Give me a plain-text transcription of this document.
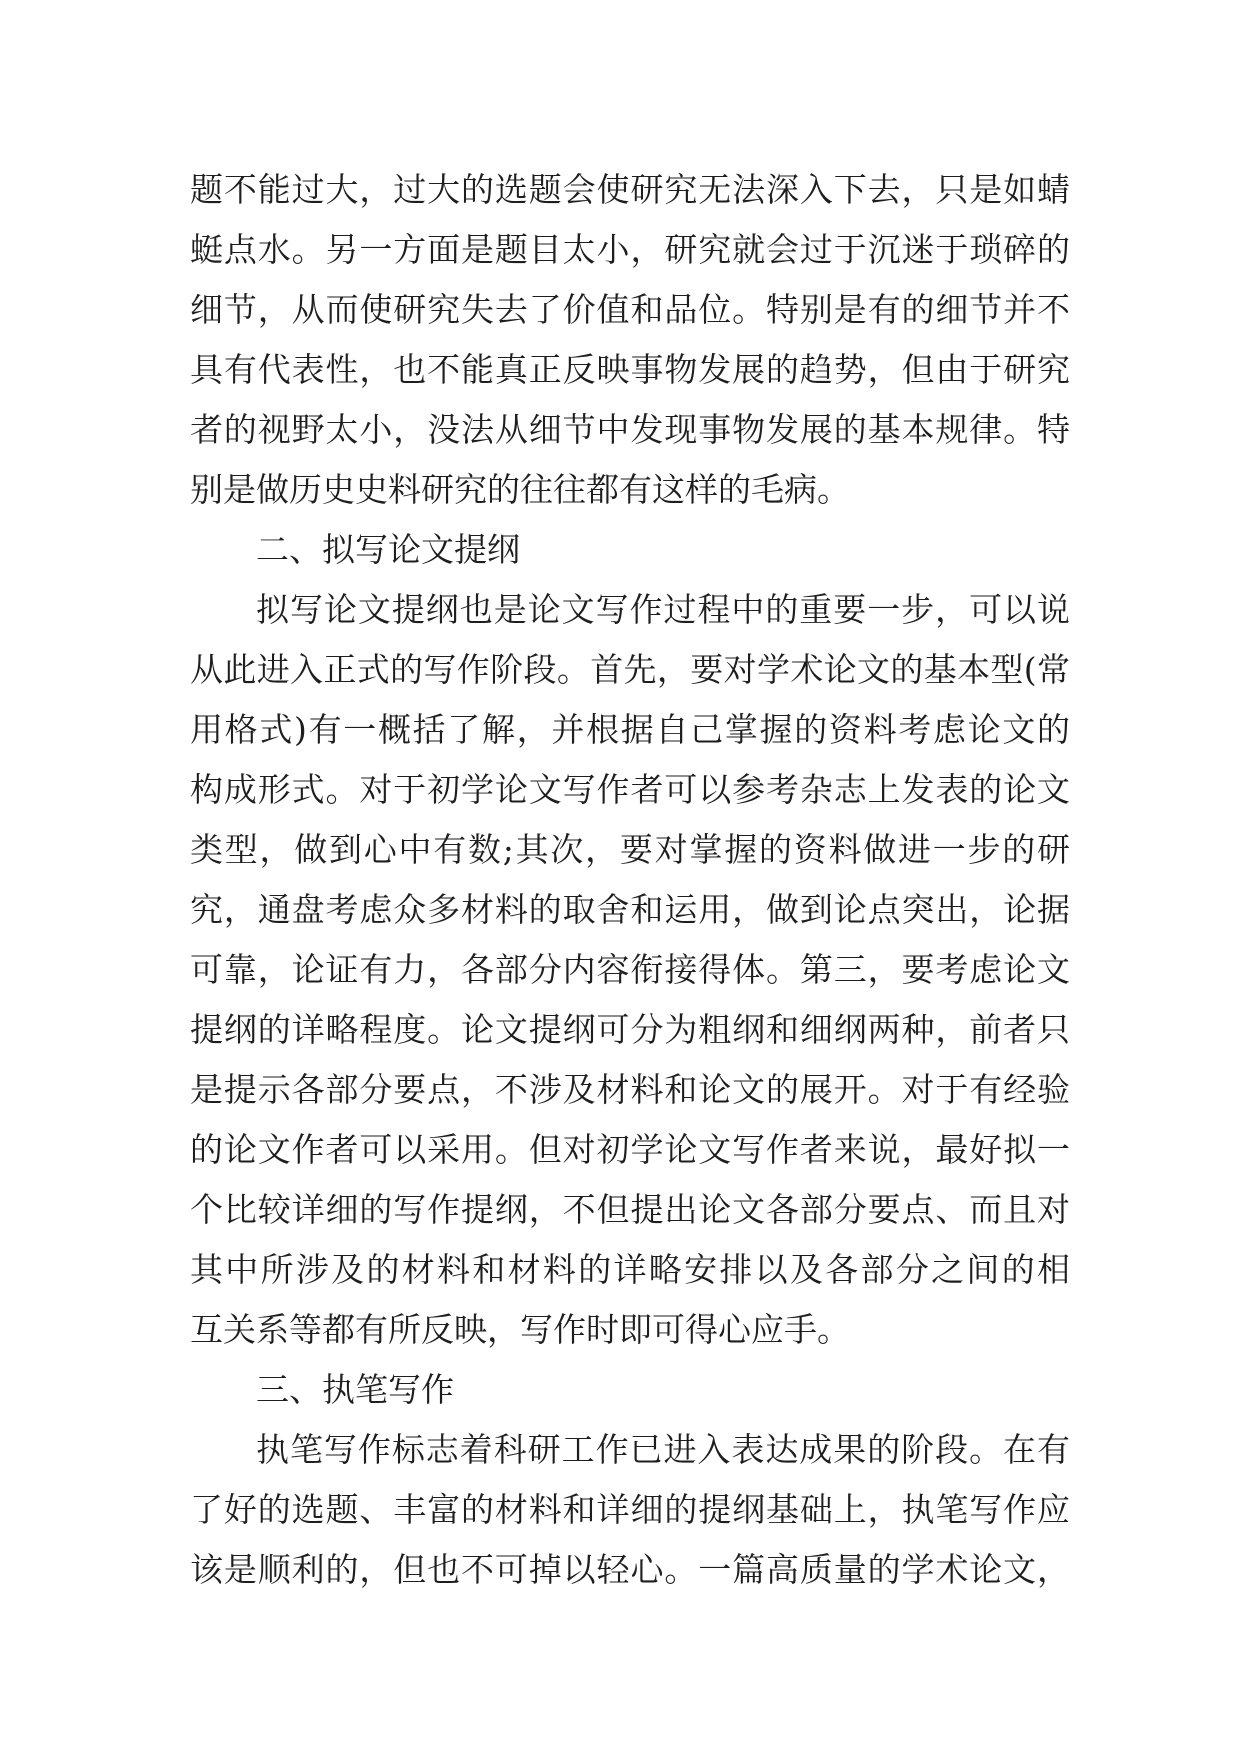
题不能过大，过大的选题会使研究无法深入下去，只是如蜻
蜓点水。另一方面是题目太小，研究就会过于沉迷于琐碎的
细节，从而使研究失去了价值和品位。特别是有的细节并不
具有代表性，也不能真正反映事物发展的趋势，但由于研究
者的视野太小，没法从细节中发现事物发展的基本规律。特
别是做历史史料研究的往往都有这样的毛病。
二、拟写论文提纲
拟写论文提纲也是论文写作过程中的重要一步，可以说
从此进入正式的写作阶段。首先，要对学术论文的基本型(常
用格式)有一概括了解，并根据自己掌握的资料考虑论文的
构成形式。对于初学论文写作者可以参考杂志上发表的论文
类型，做到心中有数;其次，要对掌握的资料做进一步的研
究，通盘考虑众多材料的取舍和运用，做到论点突出，论据
可靠，论证有力，各部分内容衔接得体。第三，要考虑论文
提纲的详略程度。论文提纲可分为粗纲和细纲两种，前者只
是提示各部分要点，不涉及材料和论文的展开。对于有经验
的论文作者可以采用。但对初学论文写作者来说，最好拟一
个比较详细的写作提纲，不但提出论文各部分要点、而且对
其中所涉及的材料和材料的详略安排以及各部分之间的相
互关系等都有所反映，写作时即可得心应手。
三、执笔写作
执笔写作标志着科研工作已进入表达成果的阶段。在有
了好的选题、丰富的材料和详细的提纲基础上，执笔写作应
该是顺利的，但也不可掉以轻心。一篇高质量的学术论文，
